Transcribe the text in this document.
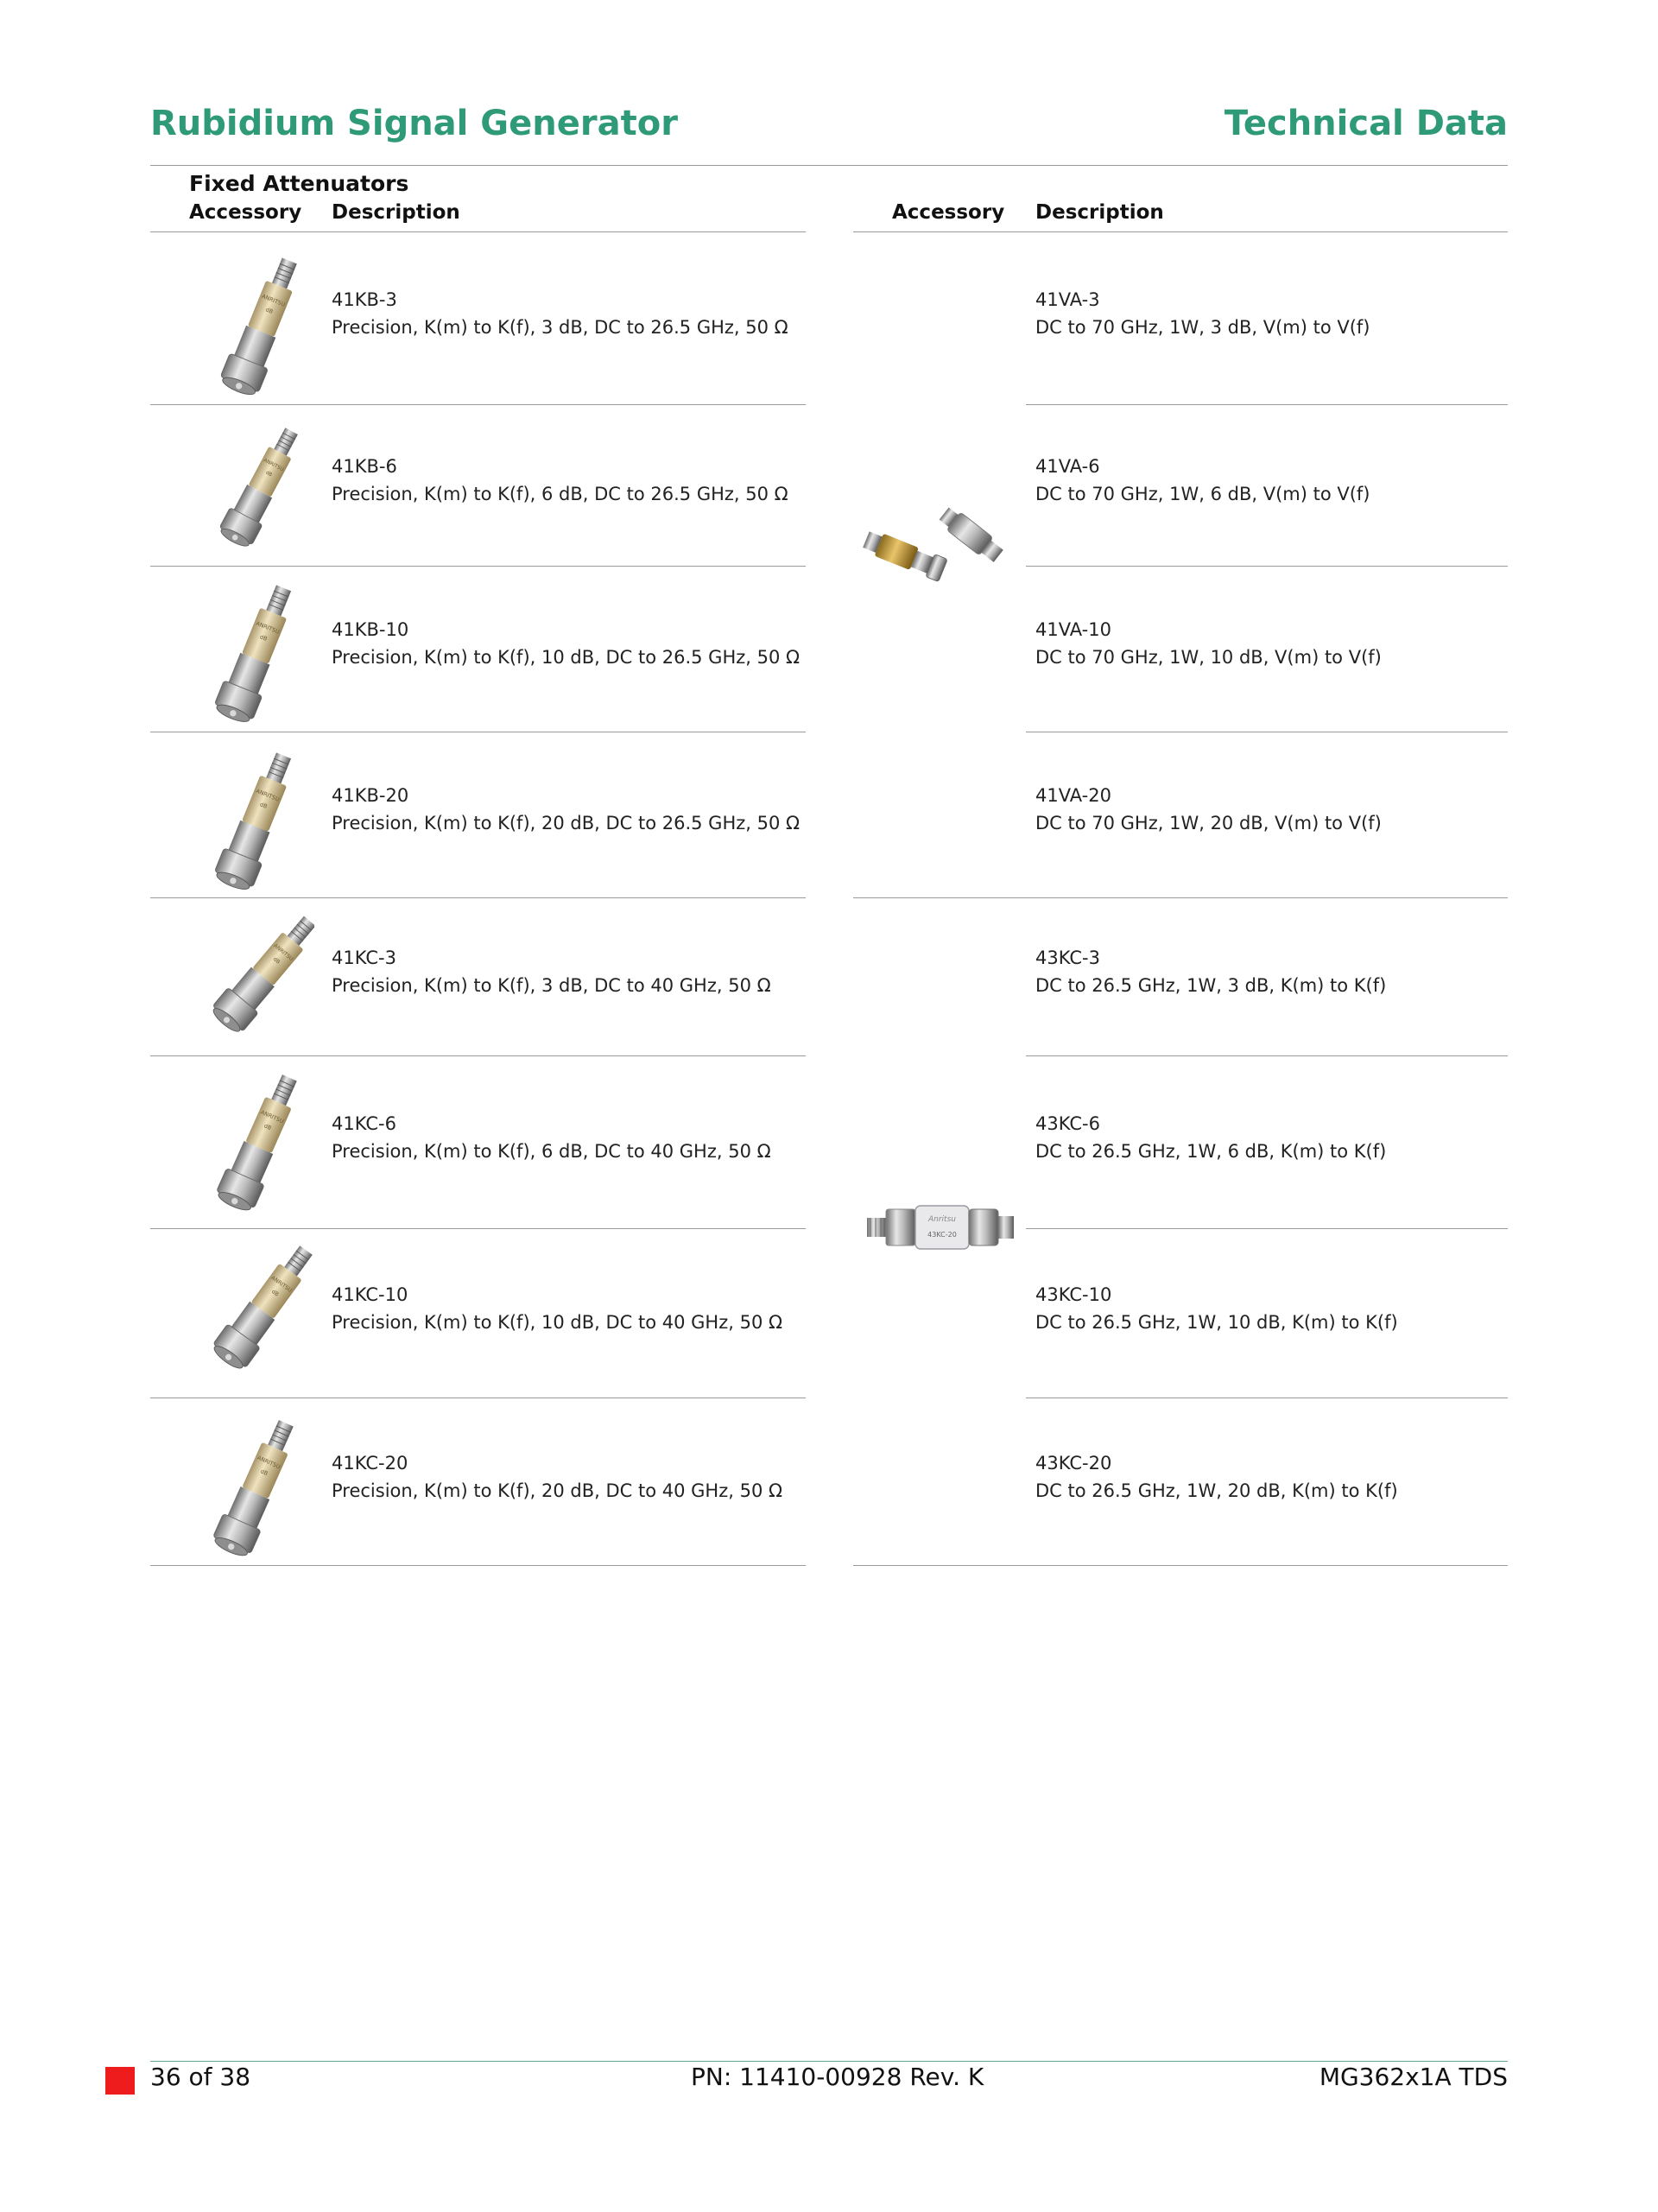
Rubidium Signal Generator	Technical Data
Fixed Attenuators
Accessory Description	Accessory Description
Anritsu
43KC-20
41KB-3
Precision, K(m) to K(f), 3 dB, DC to 26.5 GHz, 50 Ω
41KB-6
Precision, K(m) to K(f), 6 dB, DC to 26.5 GHz, 50 Ω
41KB-10
Precision, K(m) to K(f), 10 dB, DC to 26.5 GHz, 50 Ω
41KB-20
Precision, K(m) to K(f), 20 dB, DC to 26.5 GHz, 50 Ω
41KC-3
Precision, K(m) to K(f), 3 dB, DC to 40 GHz, 50 Ω
41KC-6
Precision, K(m) to K(f), 6 dB, DC to 40 GHz, 50 Ω
41KC-10
Precision, K(m) to K(f), 10 dB, DC to 40 GHz, 50 Ω
41KC-20
Precision, K(m) to K(f), 20 dB, DC to 40 GHz, 50 Ω
41VA-3
DC to 70 GHz, 1W, 3 dB, V(m) to V(f)
41VA-6
DC to 70 GHz, 1W, 6 dB, V(m) to V(f)
41VA-10
DC to 70 GHz, 1W, 10 dB, V(m) to V(f)
41VA-20
DC to 70 GHz, 1W, 20 dB, V(m) to V(f)
43KC-3
DC to 26.5 GHz, 1W, 3 dB, K(m) to K(f)
43KC-6
DC to 26.5 GHz, 1W, 6 dB, K(m) to K(f)
43KC-10
DC to 26.5 GHz, 1W, 10 dB, K(m) to K(f)
43KC-20
DC to 26.5 GHz, 1W, 20 dB, K(m) to K(f)
36 of 38	PN: 11410-00928 Rev. K	MG362x1A TDS
